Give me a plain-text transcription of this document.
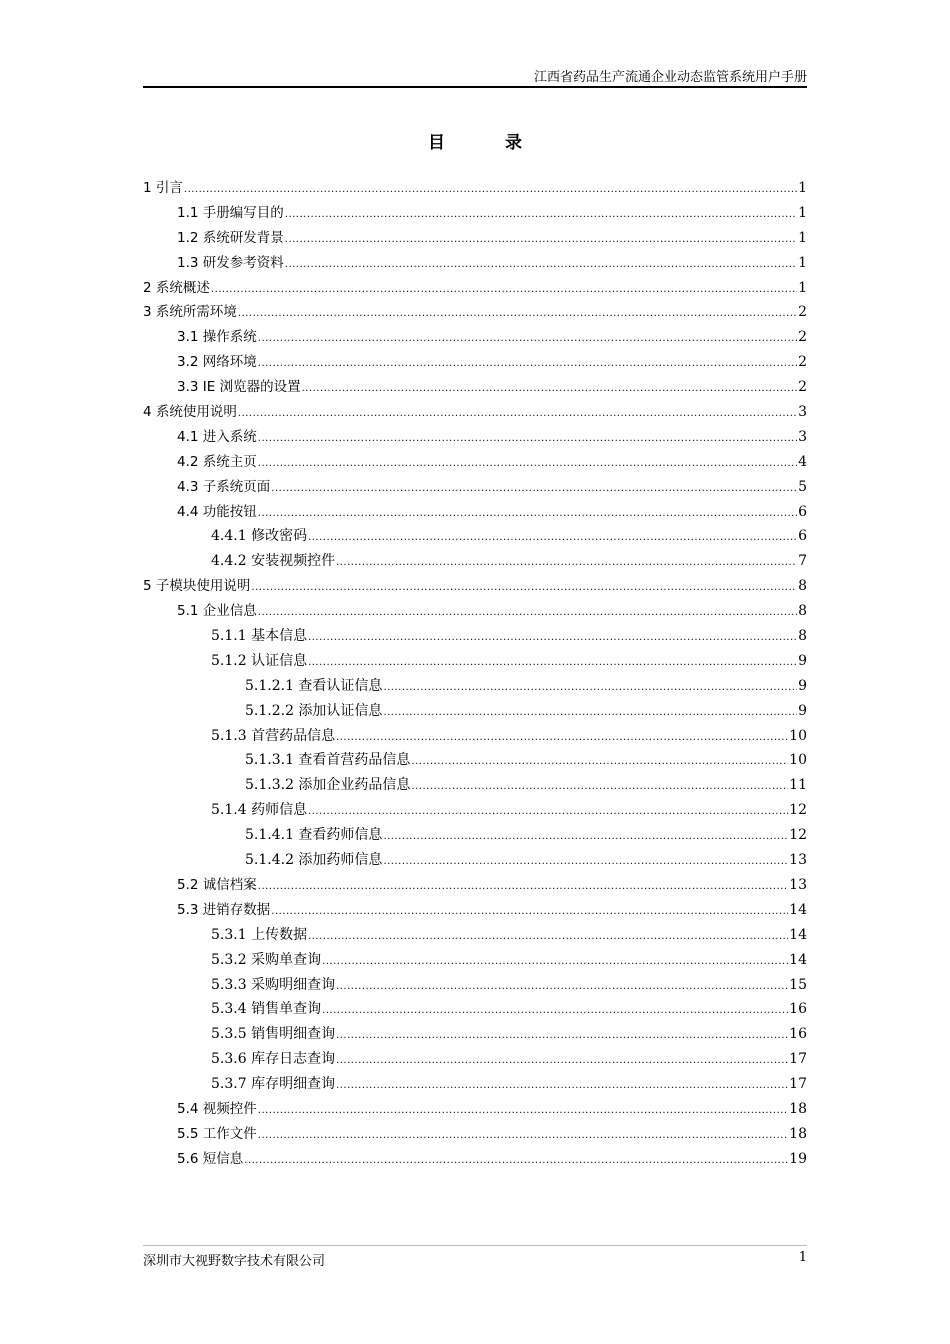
江西省药品生产流通企业动态监管系统用户手册
目	录
1 引言 .....	1
1.1 手册编写目的 .....	1
1.2 系统研发背景 .....	1
1.3 研发参考资料 .....	1
2 系统概述 .....	1
3 系统所需环境 .....	2
3.1 操作系统 .....	2
3.2 网络环境 .....	2
3.3 IE 浏览器的设置 .....	2
4 系统使用说明 .....	3
4.1 进入系统 .....	3
4.2 系统主页 .....	4
4.3 子系统页面 .....	5
4.4 功能按钮 .....	6
4.4.1 修改密码 .....	6
4.4.2 安装视频控件 .....	7
5 子模块使用说明 .....	8
5.1 企业信息 .....	8
5.1.1 基本信息 .....	8
5.1.2 认证信息 .....	9
5.1.2.1 查看认证信息 .....	9
5.1.2.2 添加认证信息 .....	9
5.1.3 首营药品信息 .....	10
5.1.3.1 查看首营药品信息 .....	10
5.1.3.2 添加企业药品信息 .....	11
5.1.4 药师信息 .....	12
5.1.4.1 查看药师信息 .....	12
5.1.4.2 添加药师信息 .....	13
5.2 诚信档案 .....	13
5.3 进销存数据 .....	14
5.3.1 上传数据 .....	14
5.3.2 采购单查询 .....	14
5.3.3 采购明细查询 .....	15
5.3.4 销售单查询 .....	16
5.3.5 销售明细查询 .....	16
5.3.6 库存日志查询 .....	17
5.3.7 库存明细查询 .....	17
5.4 视频控件 .....	18
5.5 工作文件 .....	18
5.6 短信息 .....	19
深圳市大视野数字技术有限公司	1
